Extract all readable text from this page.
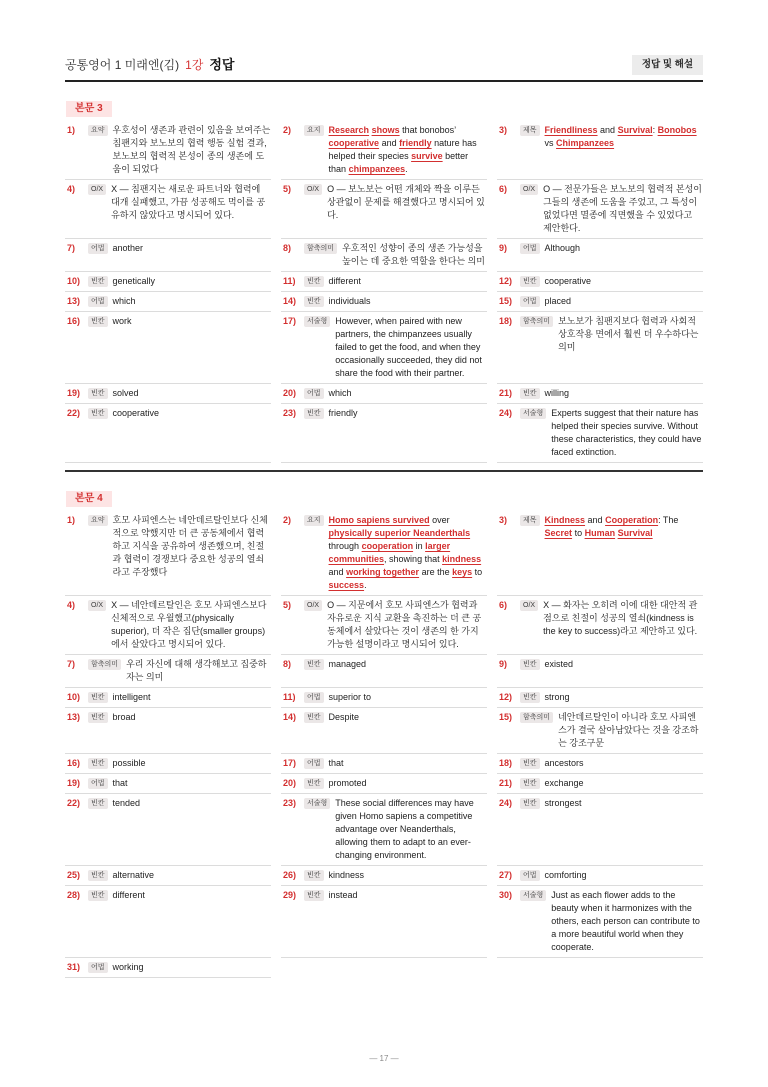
공통영어 1 미래엔(김) 1강 정답	정답 및 해설
본문 3
1)	요약 우호성이 생존과 관련이 있음을 보여주는 침팬지와 보노보의 협력 행동 실험 결과, 보노보의 협력적 본성이 종의 생존에 도움이 되었다
2)	요지 Research shows that bonobos’ cooperative and friendly nature has helped their species survive better than chimpanzees.
3)	제목 Friendliness and Survival: Bonobos vs Chimpanzees
4)	O/X X — 침팬지는 새로운 파트너와 협력에 대개 실패했고, 가끔 성공해도 먹이를 공유하지 않았다고 명시되어 있다.
5)	O/X O — 보노보는 어떤 개체와 짝을 이루든 상관없이 문제를 해결했다고 명시되어 있다.
6)	O/X O — 전문가들은 보노보의 협력적 본성이 그들의 생존에 도움을 주었고, 그 특성이 없었다면 멸종에 직면했을 수 있었다고 제안한다.
7)	어법 another	8)	함축의미 우호적인 성향이 종의 생존 가능성을 높이는 데 중요한 역할을 한다는 의미
9)	어법 Although
10)	빈칸 genetically	11)	빈칸 different	12)	빈칸 cooperative
13)	어법 which	14)	빈칸 individuals	15)	어법 placed
16)	빈칸 work	17)	서술형 However, when paired with new partners, the chimpanzees usually failed to get the food, and when they occasionally succeeded, they did not share the food with their partner.
18)	함축의미 보노보가 침팬지보다 협력과 사회적 상호작용 면에서 훨씬 더 우수하다는 의미
19)	빈칸 solved	20)	어법 which	21)	빈칸 willing
22)	빈칸 cooperative	23)	빈칸 friendly	24)	서술형 Experts suggest that their nature has helped their species survive. Without these characteristics, they could have faced extinction.
본문 4
1)	요약 호모 사피엔스는 네안데르탈인보다 신체적으로 약했지만 더 큰 공동체에서 협력하고 지식을 공유하여 생존했으며, 친절과 협력이 경쟁보다 중요한 성공의 열쇠라고 주장했다
2)	요지 Homo sapiens survived over physically superior Neanderthals through cooperation in larger communities, showing that kindness and working together are the keys to success.
3)	제목 Kindness and Cooperation: The Secret to Human Survival
4)	O/X X — 네안데르탈인은 호모 사피엔스보다 신체적으로 우월했고(physically superior), 더 작은 집단(smaller groups)에서 살았다고 명시되어 있다.
5)	O/X O — 지문에서 호모 사피엔스가 협력과 자유로운 지식 교환을 촉진하는 더 큰 공동체에서 살았다는 것이 생존의 한 가지 가능한 설명이라고 명시되어 있다.
6)	O/X X — 화자는 오히려 이에 대한 대안적 관점으로 친절이 성공의 열쇠(kindness is the key to success)라고 제안하고 있다.
7)	함축의미 우리 자신에 대해 생각해보고 집중하자는 의미
8)	빈칸 managed	9)	빈칸 existed
10)	빈칸 intelligent	11)	어법 superior to	12)	빈칸 strong
13)	빈칸 broad	14)	빈칸 Despite	15)	함축의미 네안데르탈인이 아니라 호모 사피엔스가 결국 살아남았다는 것을 강조하는 강조구문
16)	빈칸 possible	17)	어법 that	18)	빈칸 ancestors
19)	어법 that	20)	빈칸 promoted	21)	빈칸 exchange
22)	빈칸 tended	23)	서술형 These social differences may have given Homo sapiens a competitive advantage over Neanderthals, allowing them to adapt to an ever-changing environment.
24)	빈칸 strongest
25)	빈칸 alternative	26)	빈칸 kindness	27)	어법 comforting
28)	빈칸 different	29)	빈칸 instead	30)	서술형 Just as each flower adds to the beauty when it harmonizes with the others, each person can contribute to a more beautiful world when they cooperate.
31)	어법 working
— 17 —
